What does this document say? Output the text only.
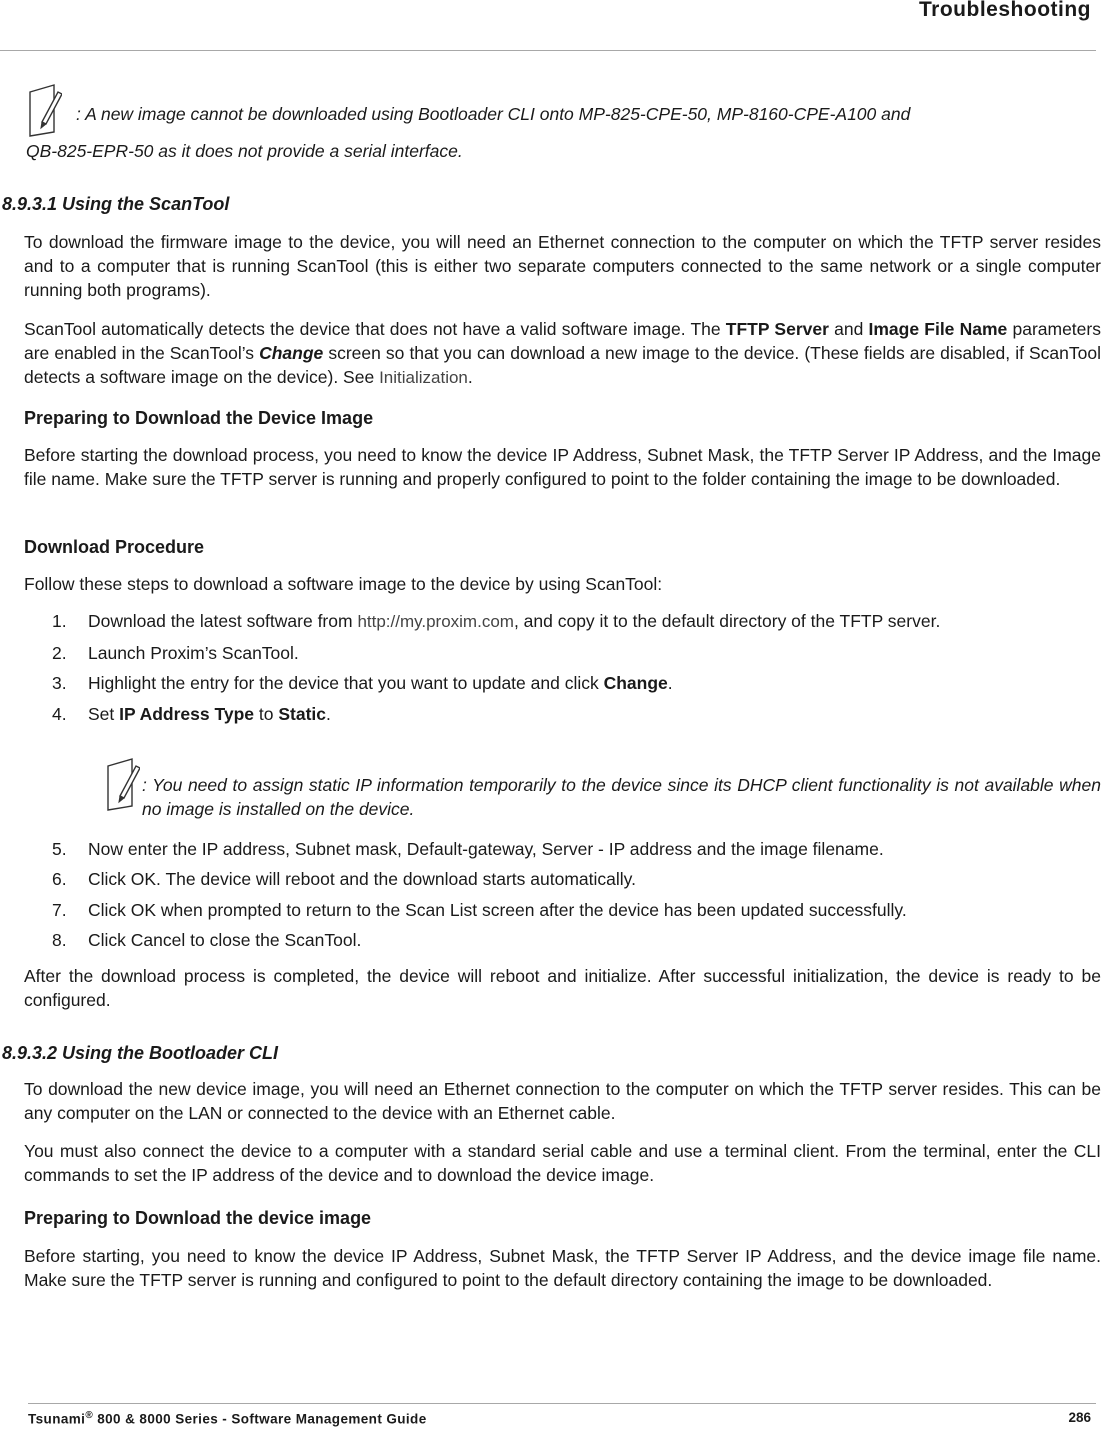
Troubleshooting
: A new image cannot be downloaded using Bootloader CLI onto MP-825-CPE-50, MP-8160-CPE-A100 and
QB-825-EPR-50 as it does not provide a serial interface.
8.9.3.1 Using the ScanTool

To download the firmware image to the device, you will need an Ethernet connection to the computer on which the TFTP server resides and to a computer that is running ScanTool (this is either two separate computers connected to the same network or a single computer running both programs).

ScanTool automatically detects the device that does not have a valid software image. The TFTP Server and Image File Name parameters are enabled in the ScanTool’s Change screen so that you can download a new image to the device. (These fields are disabled, if ScanTool detects a software image on the device). See Initialization.

Preparing to Download the Device Image

Before starting the download process, you need to know the device IP Address, Subnet Mask, the TFTP Server IP Address, and the Image file name. Make sure the TFTP server is running and properly configured to point to the folder containing the image to be downloaded.

Download Procedure
Follow these steps to download a software image to the device by using ScanTool:
1. Download the latest software from http://my.proxim.com, and copy it to the default directory of the TFTP server.
2. Launch Proxim’s ScanTool.
3. Highlight the entry for the device that you want to update and click Change.
4. Set IP Address Type to Static.

: You need to assign static IP information temporarily to the device since its DHCP client functionality is not available when no image is installed on the device.

5. Now enter the IP address, Subnet mask, Default-gateway, Server - IP address and the image filename.
6. Click OK. The device will reboot and the download starts automatically.
7. Click OK when prompted to return to the Scan List screen after the device has been updated successfully.
8. Click Cancel to close the ScanTool.

After the download process is completed, the device will reboot and initialize. After successful initialization, the device is ready to be configured.

8.9.3.2 Using the Bootloader CLI

To download the new device image, you will need an Ethernet connection to the computer on which the TFTP server resides. This can be any computer on the LAN or connected to the device with an Ethernet cable.

You must also connect the device to a computer with a standard serial cable and use a terminal client. From the terminal, enter the CLI commands to set the IP address of the device and to download the device image.

Preparing to Download the device image

Before starting, you need to know the device IP Address, Subnet Mask, the TFTP Server IP Address, and the device image file name. Make sure the TFTP server is running and configured to point to the default directory containing the image to be downloaded.

Tsunami® 800 & 8000 Series - Software Management Guide	286
